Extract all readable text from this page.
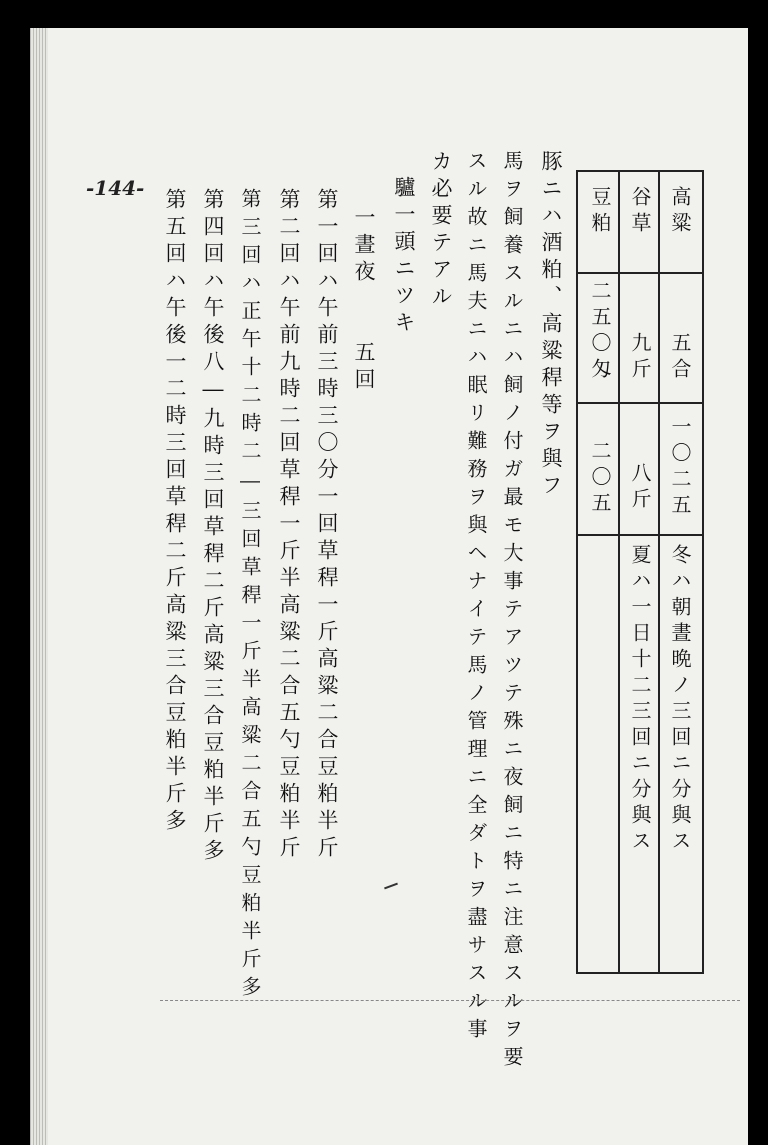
-144-	高粱
五合
一〇二五
冬ハ朝晝晩ノ三回ニ分與ス
谷草
九斤
八斤
夏ハ一日十二三回ニ分與ス
豆粕
二五〇匁
二〇五
豚ニハ酒粕、高粱稈等ヲ與フ
馬ヲ飼養スルニハ飼ノ付ガ最モ大事テアツテ殊ニ夜飼ニ特ニ注意スルヲ要
スル故ニ馬夫ニハ眠リ難務ヲ與ヘナイテ馬ノ管理ニ全ダトヲ盡サスル事
カ必要テアル
驢一頭ニツキ
一晝夜　　五回
第一回ハ午前三時三〇分一回草稈一斤高粱二合豆粕半斤
第二回ハ午前九時二回草稈一斤半高粱二合五勺豆粕半斤
第三回ハ正午十二時二―三回草稈一斤半高粱二合五勺豆粕半斤多
第四回ハ午後八―九時三回草稈二斤高粱三合豆粕半斤多
第五回ハ午後一二時三回草稈二斤高粱三合豆粕半斤多
